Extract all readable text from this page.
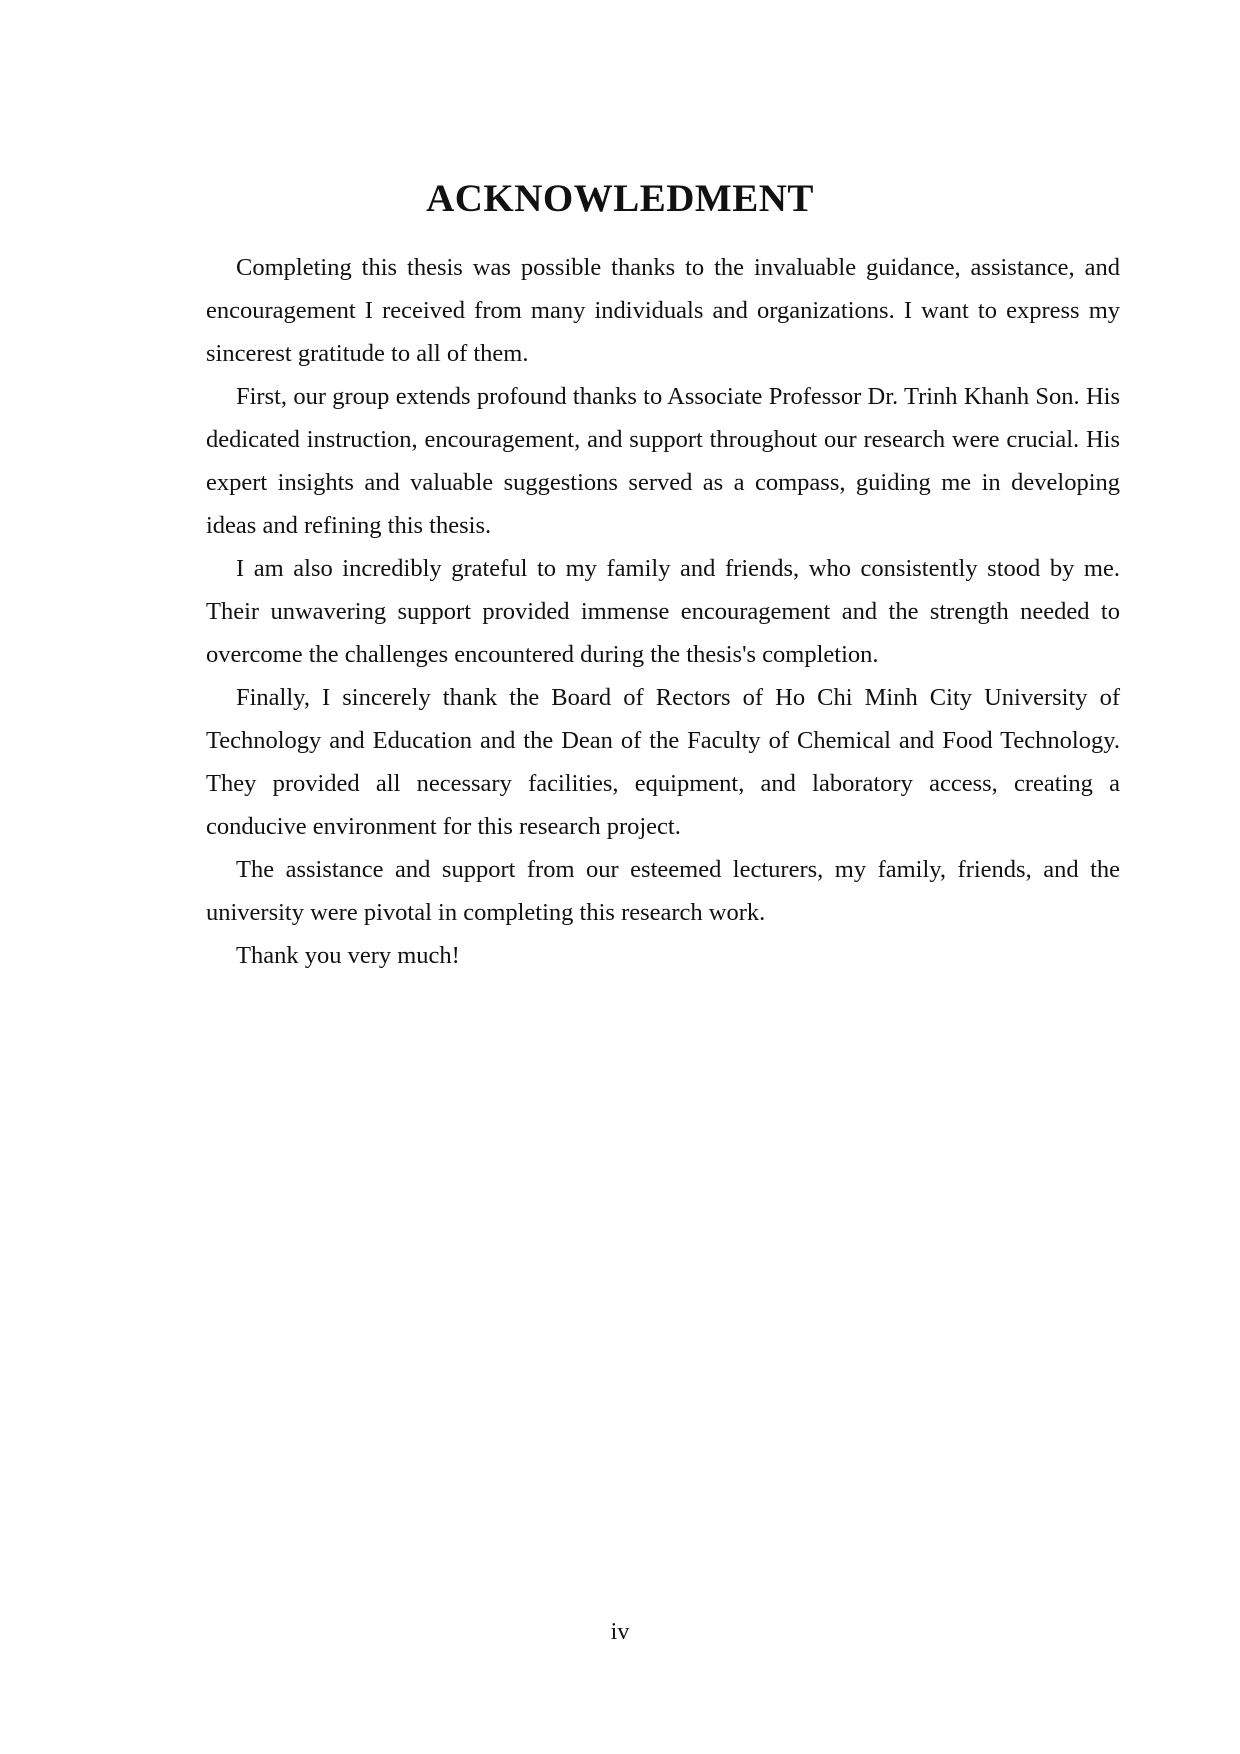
ACKNOWLEDMENT

Completing this thesis was possible thanks to the invaluable guidance, assistance, and encouragement I received from many individuals and organizations. I want to express my sincerest gratitude to all of them.

First, our group extends profound thanks to Associate Professor Dr. Trinh Khanh Son. His dedicated instruction, encouragement, and support throughout our research were crucial. His expert insights and valuable suggestions served as a compass, guiding me in developing ideas and refining this thesis.

I am also incredibly grateful to my family and friends, who consistently stood by me. Their unwavering support provided immense encouragement and the strength needed to overcome the challenges encountered during the thesis's completion.

Finally, I sincerely thank the Board of Rectors of Ho Chi Minh City University of Technology and Education and the Dean of the Faculty of Chemical and Food Technology. They provided all necessary facilities, equipment, and laboratory access, creating a conducive environment for this research project.

The assistance and support from our esteemed lecturers, my family, friends, and the university were pivotal in completing this research work.

Thank you very much!

iv
